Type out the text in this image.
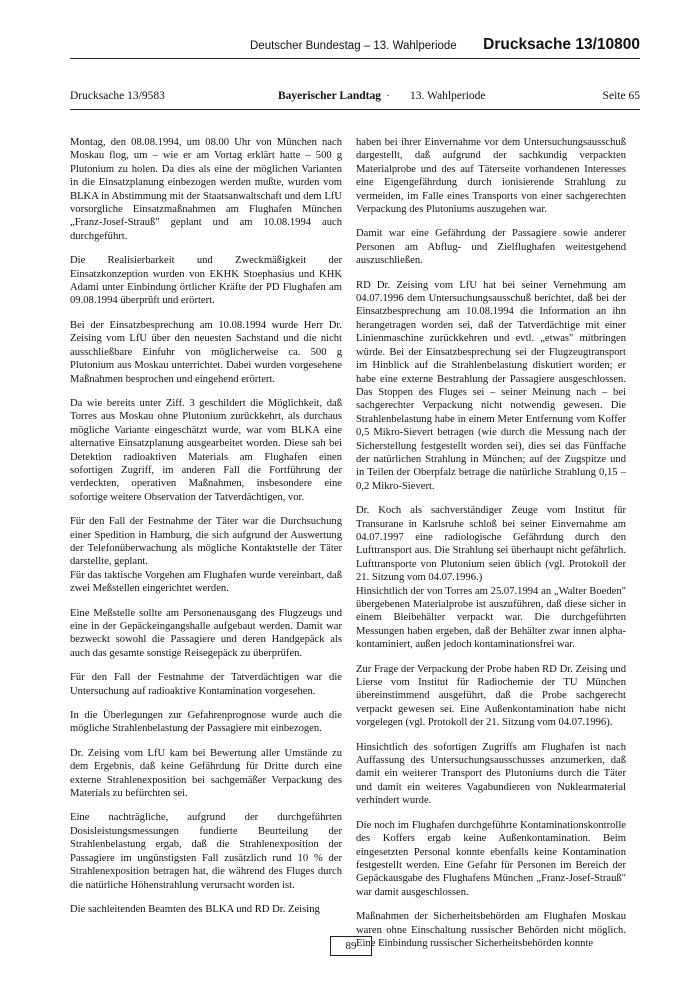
Deutscher Bundestag – 13. Wahlperiode Drucksache 13/10800
Drucksache 13/9583	Bayerischer Landtag · 13. Wahlperiode	Seite 65

Montag, den 08.08.1994, um 08.00 Uhr von München nach Moskau flog, um – wie er am Vortag erklärt hatte – 500 g Plutonium zu holen. Da dies als eine der möglichen Varianten in die Einsatzplanung einbezogen werden mußte, wurden vom BLKA in Abstimmung mit der Staatsanwaltschaft und dem LfU vorsorgliche Einsatzmaßnahmen am Flughafen München „Franz-Josef-Strauß" geplant und am 10.08.1994 auch durchgeführt.

Die Realisierbarkeit und Zweckmäßigkeit der Einsatzkonzeption wurden von EKHK Stoephasius und KHK Adami unter Einbindung örtlicher Kräfte der PD Flughafen am 09.08.1994 überprüft und erörtert.

Bei der Einsatzbesprechung am 10.08.1994 wurde Herr Dr. Zeising vom LfU über den neuesten Sachstand und die nicht ausschließbare Einfuhr von möglicherweise ca. 500 g Plutonium aus Moskau unterrichtet. Dabei wurden vorgesehene Maßnahmen besprochen und eingehend erörtert.

Da wie bereits unter Ziff. 3 geschildert die Möglichkeit, daß Torres aus Moskau ohne Plutonium zurückkehrt, als durchaus mögliche Variante eingeschätzt wurde, war vom BLKA eine alternative Einsatzplanung ausgearbeitet worden. Diese sah bei Detektion radioaktiven Materials am Flughafen einen sofortigen Zugriff, im anderen Fall die Fortführung der verdeckten, operativen Maßnahmen, insbesondere eine sofortige weitere Observation der Tatverdächtigen, vor.

Für den Fall der Festnahme der Täter war die Durchsuchung einer Spedition in Hamburg, die sich aufgrund der Auswertung der Telefonüberwachung als mögliche Kontaktstelle der Täter darstellte, geplant.
Für das taktische Vorgehen am Flughafen wurde vereinbart, daß zwei Meßstellen eingerichtet werden.

Eine Meßstelle sollte am Personenausgang des Flugzeugs und eine in der Gepäckeingangshalle aufgebaut werden. Damit war bezweckt sowohl die Passagiere und deren Handgepäck als auch das gesamte sonstige Reisegepäck zu überprüfen.

Für den Fall der Festnahme der Tatverdächtigen war die Untersuchung auf radioaktive Kontamination vorgesehen.

In die Überlegungen zur Gefahrenprognose wurde auch die mögliche Strahlenbelastung der Passagiere mit einbezogen.

Dr. Zeising vom LfU kam bei Bewertung aller Umstände zu dem Ergebnis, daß keine Gefährdung für Dritte durch eine externe Strahlenexposition bei sachgemäßer Verpackung des Materials zu befürchten sei.

Eine nachträgliche, aufgrund der durchgeführten Dosisleistungsmessungen fundierte Beurteilung der Strahlenbelastung ergab, daß die Strahlenexposition der Passagiere im ungünstigsten Fall zusätzlich rund 10 % der Strahlenexposition betragen hat, die während des Fluges durch die natürliche Höhenstrahlung verursacht worden ist.

Die sachleitenden Beamten des BLKA und RD Dr. Zeising

haben bei ihrer Einvernahme vor dem Untersuchungsausschuß dargestellt, daß aufgrund der sachkundig verpackten Materialprobe und des auf Täterseite vorhandenen Interesses eine Eigengefährdung durch ionisierende Strahlung zu vermeiden, im Falle eines Transports von einer sachgerechten Verpackung des Plutoniums auszugehen war.

Damit war eine Gefährdung der Passagiere sowie anderer Personen am Abflug- und Zielflughafen weitestgehend auszuschließen.

RD Dr. Zeising vom LfU hat bei seiner Vernehmung am 04.07.1996 dem Untersuchungsausschuß berichtet, daß bei der Einsatzbesprechung am 10.08.1994 die Information an ihn herangetragen worden sei, daß der Tatverdächtige mit einer Linienmaschine zurückkehren und evtl. „etwas" mitbringen würde. Bei der Einsatzbesprechung sei der Flugzeugtransport im Hinblick auf die Strahlenbelastung diskutiert worden; er habe eine externe Bestrahlung der Passagiere ausgeschlossen. Das Stoppen des Fluges sei – seiner Meinung nach – bei sachgerechter Verpackung nicht notwendig gewesen. Die Strahlenbelastung habe in einem Meter Entfernung vom Koffer 0,5 Mikro-Sievert betragen (wie durch die Messung nach der Sicherstellung festgestellt worden sei), dies sei das Fünffache der natürlichen Strahlung in München; auf der Zugspitze und in Teilen der Oberpfalz betrage die natürliche Strahlung 0,15 – 0,2 Mikro-Sievert.

Dr. Koch als sachverständiger Zeuge vom Institut für Transurane in Karlsruhe schloß bei seiner Einvernahme am 04.07.1997 eine radiologische Gefährdung durch den Lufttransport aus. Die Strahlung sei überhaupt nicht gefährlich. Lufttransporte von Plutonium seien üblich (vgl. Protokoll der 21. Sitzung vom 04.07.1996.)
Hinsichtlich der von Torres am 25.07.1994 an „Walter Boeden" übergebenen Materialprobe ist auszuführen, daß diese sicher in einem Bleibehälter verpackt war. Die durchgeführten Messungen haben ergeben, daß der Behälter zwar innen alpha-kontaminiert, außen jedoch kontaminationsfrei war.

Zur Frage der Verpackung der Probe haben RD Dr. Zeising und Lierse vom Institut für Radiochemie der TU München übereinstimmend ausgeführt, daß die Probe sachgerecht verpackt gewesen sei. Eine Außenkontamination habe nicht vorgelegen (vgl. Protokoll der 21. Sitzung vom 04.07.1996).

Hinsichtlich des sofortigen Zugriffs am Flughafen ist nach Auffassung des Untersuchungsausschusses anzumerken, daß damit ein weiterer Transport des Plutoniums durch die Täter und damit ein weiteres Vagabundieren von Nuklearmaterial verhindert wurde.

Die noch im Flughafen durchgeführte Kontaminationskontrolle des Koffers ergab keine Außenkontamination. Beim eingesetzten Personal konnte ebenfalls keine Kontamination festgestellt werden. Eine Gefahr für Personen im Bereich der Gepäckausgabe des Flughafens München „Franz-Josef-Strauß" war damit ausgeschlossen.

Maßnahmen der Sicherheitsbehörden am Flughafen Moskau waren ohne Einschaltung russischer Behörden nicht möglich. Eine Einbindung russischer Sicherheitsbehörden konnte

89
